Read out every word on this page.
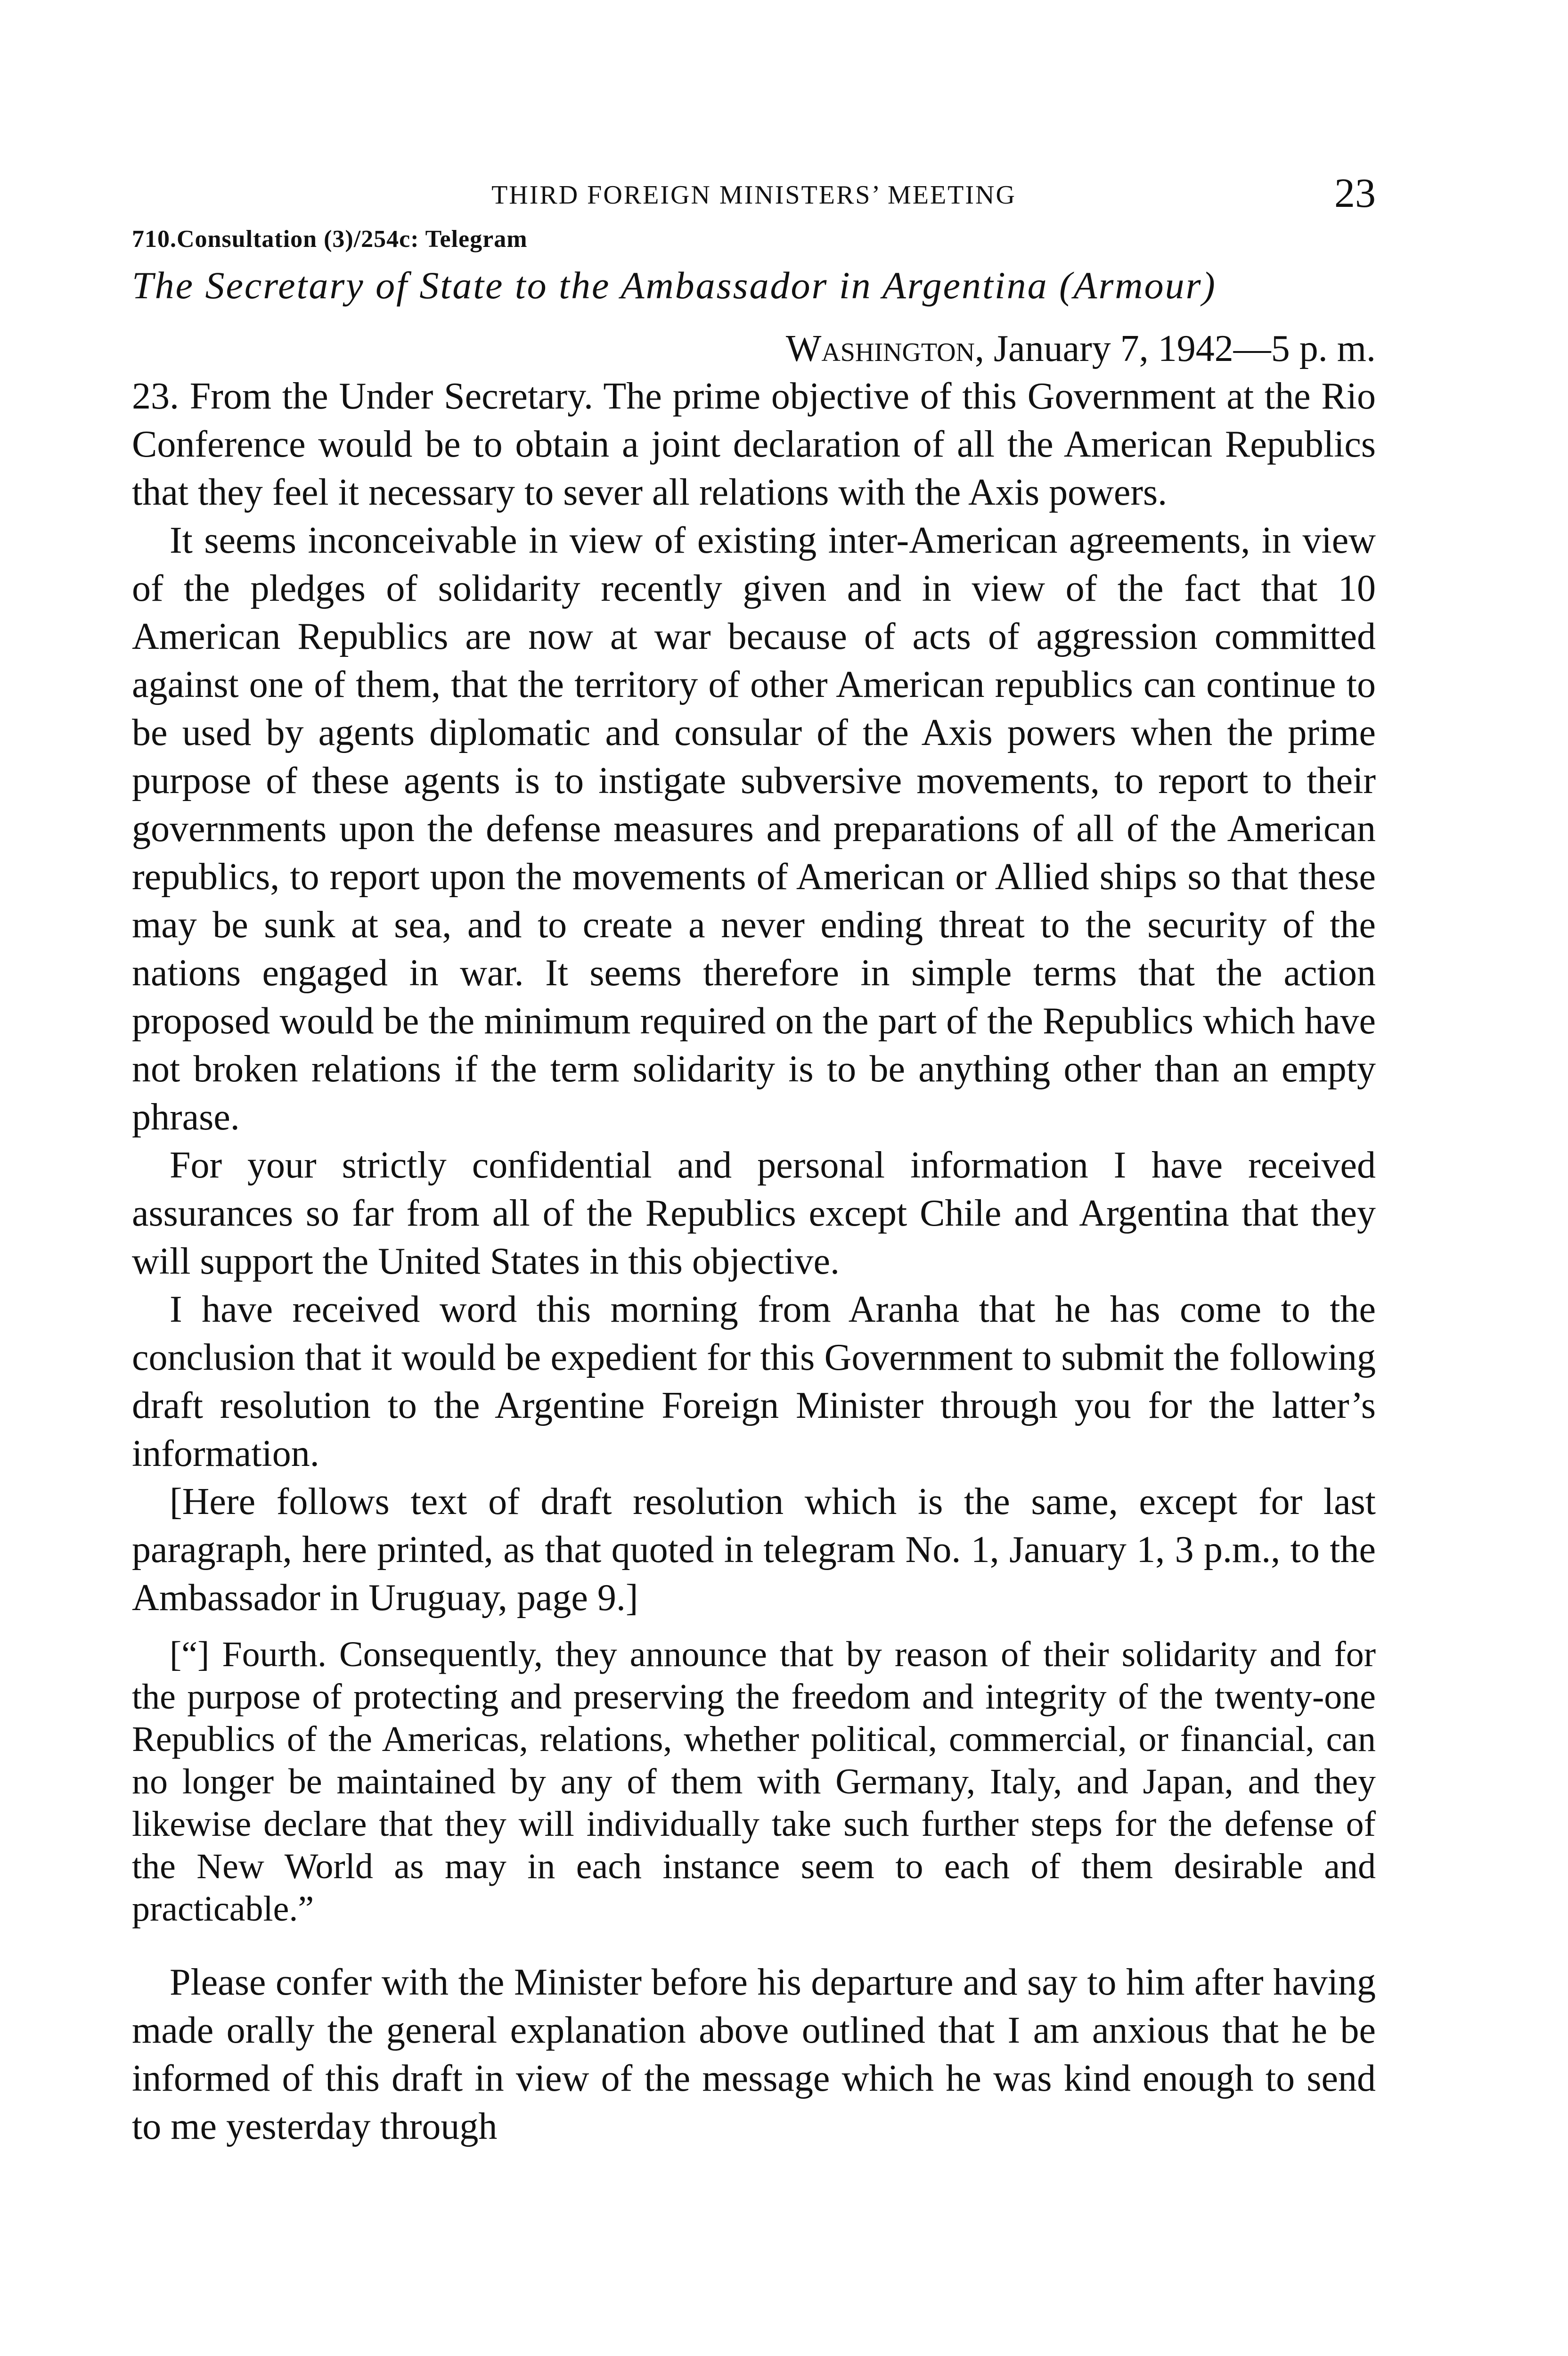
THIRD FOREIGN MINISTERS’ MEETING	23
710.Consultation (3)/254c: Telegram
The Secretary of State to the Ambassador in Argentina (Armour)
Washington, January 7, 1942—5 p. m.

23. From the Under Secretary. The prime objective of this Government at the Rio Conference would be to obtain a joint declaration of all the American Republics that they feel it necessary to sever all relations with the Axis powers.

It seems inconceivable in view of existing inter-American agreements, in view of the pledges of solidarity recently given and in view of the fact that 10 American Republics are now at war because of acts of aggression committed against one of them, that the territory of other American republics can continue to be used by agents diplomatic and consular of the Axis powers when the prime purpose of these agents is to instigate subversive movements, to report to their governments upon the defense measures and preparations of all of the American republics, to report upon the movements of American or Allied ships so that these may be sunk at sea, and to create a never ending threat to the security of the nations engaged in war. It seems therefore in simple terms that the action proposed would be the minimum required on the part of the Republics which have not broken relations if the term solidarity is to be anything other than an empty phrase.

For your strictly confidential and personal information I have received assurances so far from all of the Republics except Chile and Argentina that they will support the United States in this objective.

I have received word this morning from Aranha that he has come to the conclusion that it would be expedient for this Government to submit the following draft resolution to the Argentine Foreign Minister through you for the latter’s information.

[Here follows text of draft resolution which is the same, except for last paragraph, here printed, as that quoted in telegram No. 1, January 1, 3 p.m., to the Ambassador in Uruguay, page 9.]

[“] Fourth. Consequently, they announce that by reason of their solidarity and for the purpose of protecting and preserving the freedom and integrity of the twenty-one Republics of the Americas, relations, whether political, commercial, or financial, can no longer be maintained by any of them with Germany, Italy, and Japan, and they likewise declare that they will individually take such further steps for the defense of the New World as may in each instance seem to each of them desirable and practicable.”

Please confer with the Minister before his departure and say to him after having made orally the general explanation above outlined that I am anxious that he be informed of this draft in view of the message which he was kind enough to send to me yesterday through
